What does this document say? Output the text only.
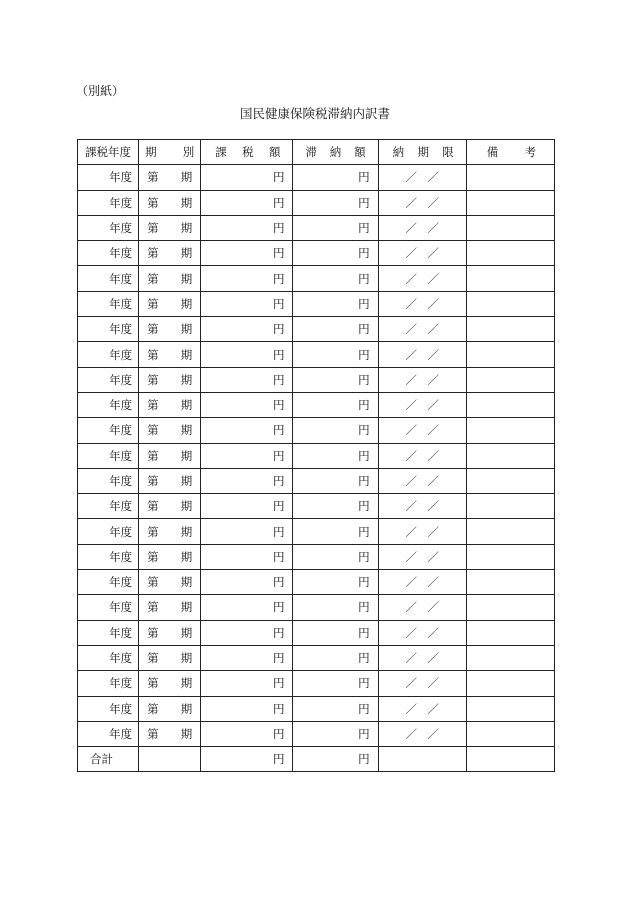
（別紙）
国民健康保険税滞納内訳書
課税年度	期 別	課 税 額	滞 納 額	納 期 限	備 考

年度	第 期	円	円	／ ／	
年度	第 期	円	円	／ ／	
年度	第 期	円	円	／ ／	
年度	第 期	円	円	／ ／	
年度	第 期	円	円	／ ／	
年度	第 期	円	円	／ ／	
年度	第 期	円	円	／ ／	
年度	第 期	円	円	／ ／	
年度	第 期	円	円	／ ／	
年度	第 期	円	円	／ ／	
年度	第 期	円	円	／ ／	
年度	第 期	円	円	／ ／	
年度	第 期	円	円	／ ／	
年度	第 期	円	円	／ ／	
年度	第 期	円	円	／ ／	
年度	第 期	円	円	／ ／	
年度	第 期	円	円	／ ／	
年度	第 期	円	円	／ ／	
年度	第 期	円	円	／ ／	
年度	第 期	円	円	／ ／	
年度	第 期	円	円	／ ／	
年度	第 期	円	円	／ ／	
年度	第 期	円	円	／ ／	

合 計		円	円		
